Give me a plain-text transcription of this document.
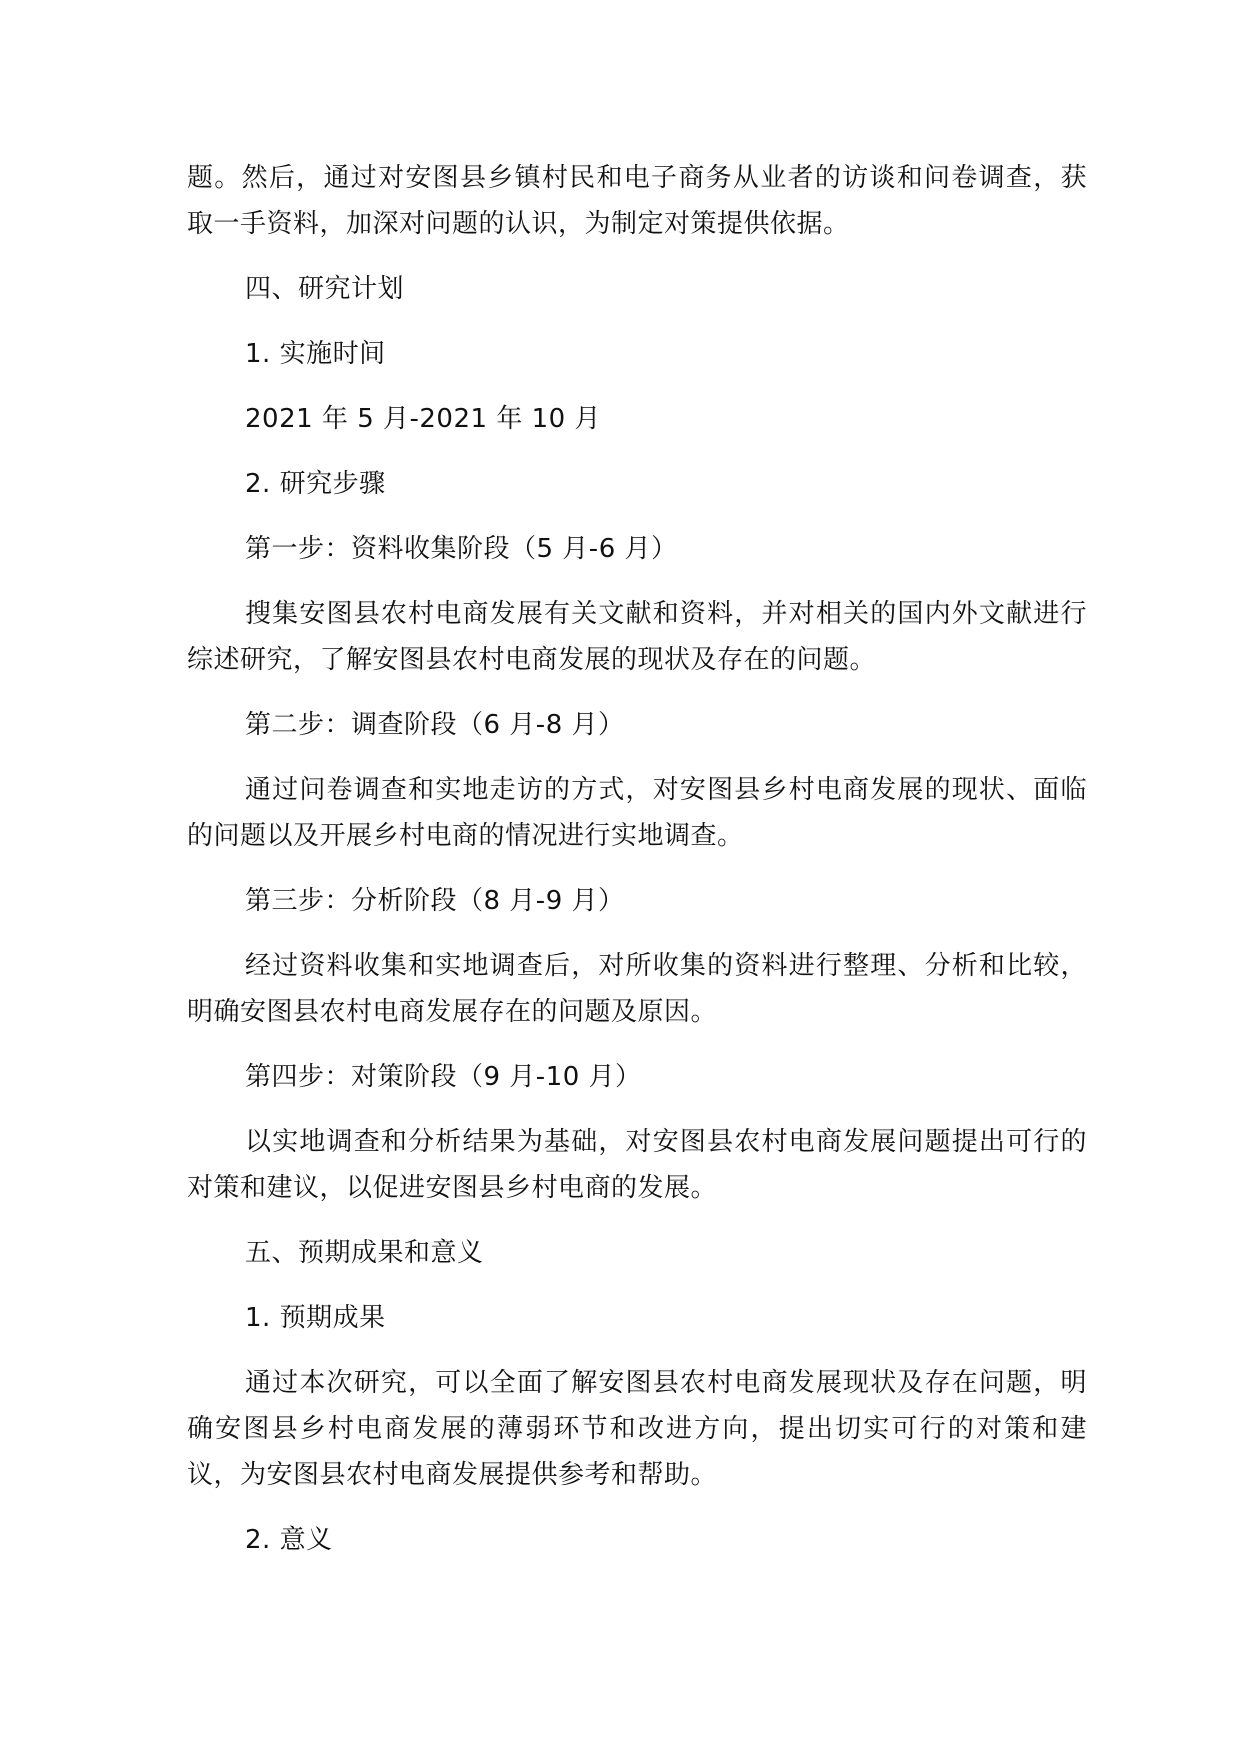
题。然后，通过对安图县乡镇村民和电子商务从业者的访谈和问卷调查，获取一手资料，加深对问题的认识，为制定对策提供依据。

四、研究计划

1. 实施时间

2021 年 5 月-2021 年 10 月

2. 研究步骤

第一步：资料收集阶段（5 月-6 月）

搜集安图县农村电商发展有关文献和资料，并对相关的国内外文献进行综述研究，了解安图县农村电商发展的现状及存在的问题。

第二步：调查阶段（6 月-8 月）

通过问卷调查和实地走访的方式，对安图县乡村电商发展的现状、面临的问题以及开展乡村电商的情况进行实地调查。

第三步：分析阶段（8 月-9 月）

经过资料收集和实地调查后，对所收集的资料进行整理、分析和比较，明确安图县农村电商发展存在的问题及原因。

第四步：对策阶段（9 月-10 月）

以实地调查和分析结果为基础，对安图县农村电商发展问题提出可行的对策和建议，以促进安图县乡村电商的发展。

五、预期成果和意义

1. 预期成果

通过本次研究，可以全面了解安图县农村电商发展现状及存在问题，明确安图县乡村电商发展的薄弱环节和改进方向，提出切实可行的对策和建议，为安图县农村电商发展提供参考和帮助。

2. 意义
